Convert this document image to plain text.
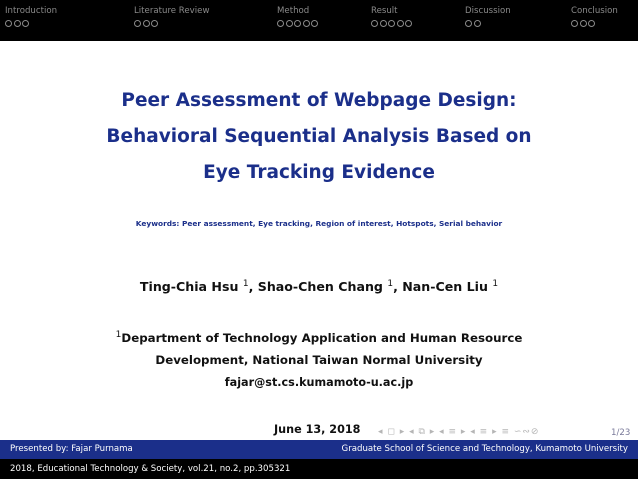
Introduction	Literature Review	Method	Result	Discussion	Conclusion
Peer Assessment of Webpage Design:
Behavioral Sequential Analysis Based on
Eye Tracking Evidence
Keywords: Peer assessment, Eye tracking, Region of interest, Hotspots, Serial behavior
Ting-Chia Hsu $^1$, Shao-Chen Chang $^1$, Nan-Cen Liu $^1$
$^1$Department of Technology Application and Human Resource
Development, National Taiwan Normal University
fajar@st.cs.kumamoto-u.ac.jp
June 13, 2018 ◂ ◻ ▸ ◂ ⧉ ▸ ◂ ≡ ▸ ◂ ≡ ▸ ≡ ∽∾⊘	1/23
Presented by: Fajar Purnama	Graduate School of Science and Technology, Kumamoto University
2018, Educational Technology & Society, vol.21, no.2, pp.305321
